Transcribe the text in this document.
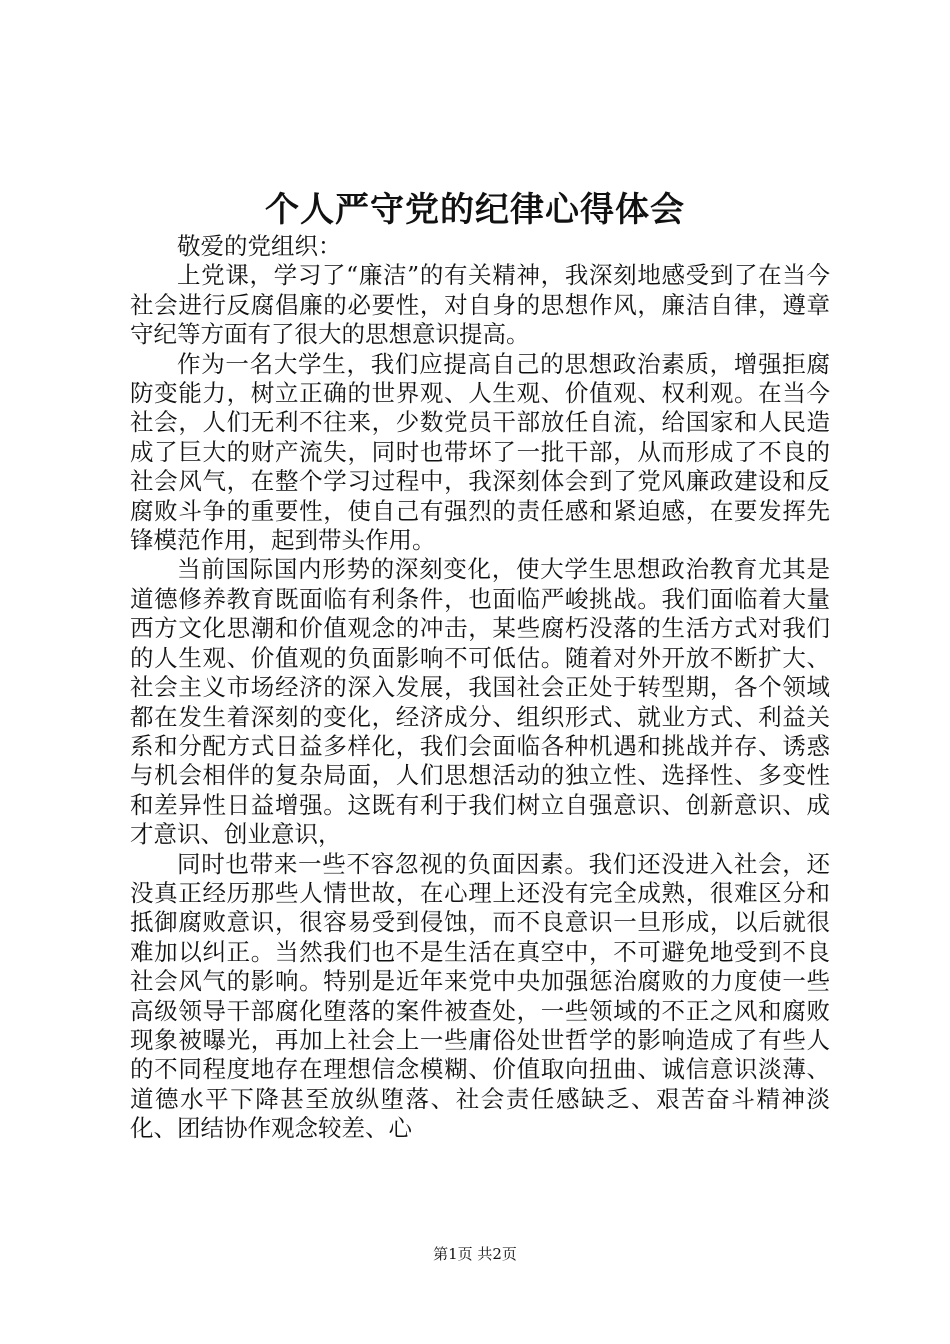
个人严守党的纪律心得体会

敬爱的党组织：

上党课，学习了“廉洁”的有关精神，我深刻地感受到了在当今社会进行反腐倡廉的必要性，对自身的思想作风，廉洁自律，遵章守纪等方面有了很大的思想意识提高。

作为一名大学生，我们应提高自己的思想政治素质，增强拒腐防变能力，树立正确的世界观、人生观、价值观、权利观。在当今社会，人们无利不往来，少数党员干部放任自流，给国家和人民造成了巨大的财产流失，同时也带坏了一批干部，从而形成了不良的社会风气，在整个学习过程中，我深刻体会到了党风廉政建设和反腐败斗争的重要性，使自己有强烈的责任感和紧迫感，在要发挥先锋模范作用，起到带头作用。

当前国际国内形势的深刻变化，使大学生思想政治教育尤其是道德修养教育既面临有利条件，也面临严峻挑战。我们面临着大量西方文化思潮和价值观念的冲击，某些腐朽没落的生活方式对我们的人生观、价值观的负面影响不可低估。随着对外开放不断扩大、社会主义市场经济的深入发展，我国社会正处于转型期，各个领域都在发生着深刻的变化，经济成分、组织形式、就业方式、利益关系和分配方式日益多样化，我们会面临各种机遇和挑战并存、诱惑与机会相伴的复杂局面，人们思想活动的独立性、选择性、多变性和差异性日益增强。这既有利于我们树立自强意识、创新意识、成才意识、创业意识，

同时也带来一些不容忽视的负面因素。我们还没进入社会，还没真正经历那些人情世故，在心理上还没有完全成熟，很难区分和抵御腐败意识，很容易受到侵蚀，而不良意识一旦形成，以后就很难加以纠正。当然我们也不是生活在真空中，不可避免地受到不良社会风气的影响。特别是近年来党中央加强惩治腐败的力度使一些高级领导干部腐化堕落的案件被查处，一些领域的不正之风和腐败现象被曝光，再加上社会上一些庸俗处世哲学的影响造成了有些人的不同程度地存在理想信念模糊、价值取向扭曲、诚信意识淡薄、道德水平下降甚至放纵堕落、社会责任感缺乏、艰苦奋斗精神淡化、团结协作观念较差、心

第1页 共2页
